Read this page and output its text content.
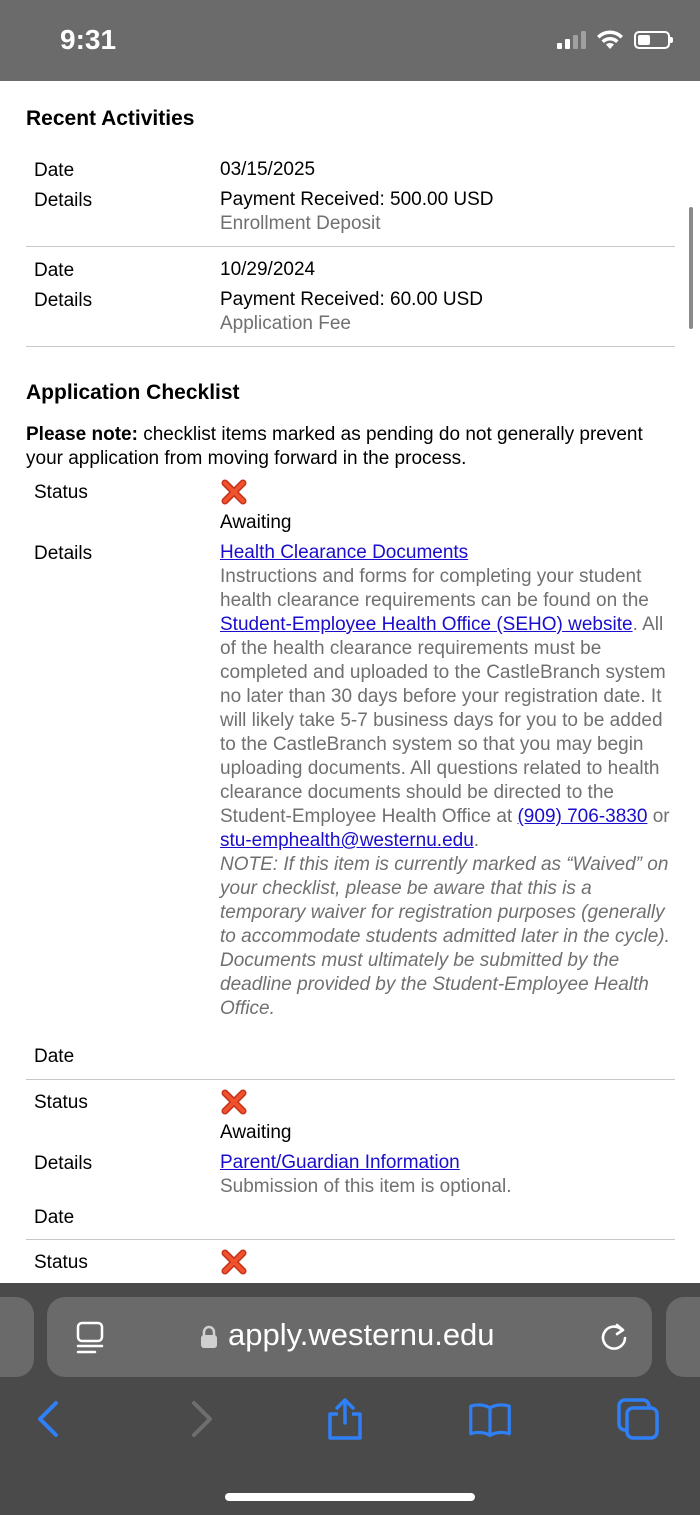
9:31
Recent Activities
Date	03/15/2025
Details	Payment Received: 500.00 USD
Enrollment Deposit
Date	10/29/2024
Details	Payment Received: 60.00 USD
Application Fee
Application Checklist
Please note: checklist items marked as pending do not generally prevent your application from moving forward in the process.
Status
Awaiting
Details	Health Clearance Documents
Instructions and forms for completing your student health clearance requirements can be found on the Student-Employee Health Office (SEHO) website. All of the health clearance requirements must be completed and uploaded to the CastleBranch system no later than 30 days before your registration date. It will likely take 5-7 business days for you to be added to the CastleBranch system so that you may begin uploading documents. All questions related to health clearance documents should be directed to the Student-Employee Health Office at (909) 706-3830 or stu-emphealth@westernu.edu.
NOTE: If this item is currently marked as “Waived” on your checklist, please be aware that this is a temporary waiver for registration purposes (generally to accommodate students admitted later in the cycle). Documents must ultimately be submitted by the deadline provided by the Student-Employee Health Office.
Date
Status
Awaiting
Details	Parent/Guardian Information
Submission of this item is optional.
Date
Status
apply.westernu.edu
